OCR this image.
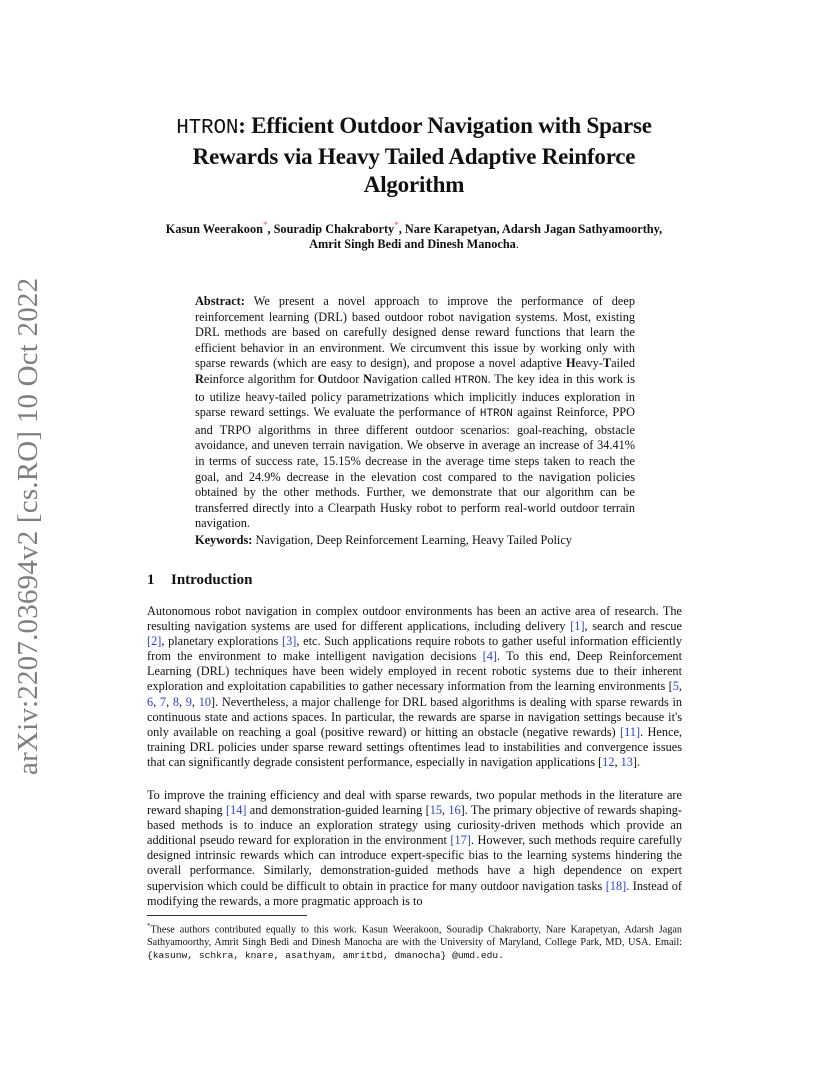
arXiv:2207.03694v2 [cs.RO] 10 Oct 2022
HTRON: Efficient Outdoor Navigation with Sparse
Rewards via Heavy Tailed Adaptive Reinforce
Algorithm
Kasun Weerakoon*, Souradip Chakraborty*, Nare Karapetyan, Adarsh Jagan Sathyamoorthy,
Amrit Singh Bedi and Dinesh Manocha.
Abstract: We present a novel approach to improve the performance of deep reinforcement learning (DRL) based outdoor robot navigation systems. Most, existing DRL methods are based on carefully designed dense reward functions that learn the efficient behavior in an environment. We circumvent this issue by working only with sparse rewards (which are easy to design), and propose a novel adaptive Heavy-Tailed Reinforce algorithm for Outdoor Navigation called HTRON. The key idea in this work is to utilize heavy-tailed policy parametrizations which implicitly induces exploration in sparse reward settings. We evaluate the performance of HTRON against Reinforce, PPO and TRPO algorithms in three different outdoor scenarios: goal-reaching, obstacle avoidance, and uneven terrain navigation. We observe in average an increase of 34.41% in terms of success rate, 15.15% decrease in the average time steps taken to reach the goal, and 24.9% decrease in the elevation cost compared to the navigation policies obtained by the other methods. Further, we demonstrate that our algorithm can be transferred directly into a Clearpath Husky robot to perform real-world outdoor terrain navigation.
Keywords: Navigation, Deep Reinforcement Learning, Heavy Tailed Policy
1 Introduction
Autonomous robot navigation in complex outdoor environments has been an active area of research. The resulting navigation systems are used for different applications, including delivery [1], search and rescue [2], planetary explorations [3], etc. Such applications require robots to gather useful information efficiently from the environment to make intelligent navigation decisions [4]. To this end, Deep Reinforcement Learning (DRL) techniques have been widely employed in recent robotic systems due to their inherent exploration and exploitation capabilities to gather necessary information from the learning environments [5, 6, 7, 8, 9, 10]. Nevertheless, a major challenge for DRL based algorithms is dealing with sparse rewards in continuous state and actions spaces. In particular, the rewards are sparse in navigation settings because it's only available on reaching a goal (positive reward) or hitting an obstacle (negative rewards) [11]. Hence, training DRL policies under sparse reward settings oftentimes lead to instabilities and convergence issues that can significantly degrade consistent performance, especially in navigation applications [12, 13].
To improve the training efficiency and deal with sparse rewards, two popular methods in the literature are reward shaping [14] and demonstration-guided learning [15, 16]. The primary objective of rewards shaping-based methods is to induce an exploration strategy using curiosity-driven methods which provide an additional pseudo reward for exploration in the environment [17]. However, such methods require carefully designed intrinsic rewards which can introduce expert-specific bias to the learning systems hindering the overall performance. Similarly, demonstration-guided methods have a high dependence on expert supervision which could be difficult to obtain in practice for many outdoor navigation tasks [18]. Instead of modifying the rewards, a more pragmatic approach is to
*These authors contributed equally to this work. Kasun Weerakoon, Souradip Chakraborty, Nare Karapetyan, Adarsh Jagan Sathyamoorthy, Amrit Singh Bedi and Dinesh Manocha are with the University of Maryland, College Park, MD, USA. Email: {kasunw, schkra, knare, asathyam, amritbd, dmanocha} @umd.edu.
